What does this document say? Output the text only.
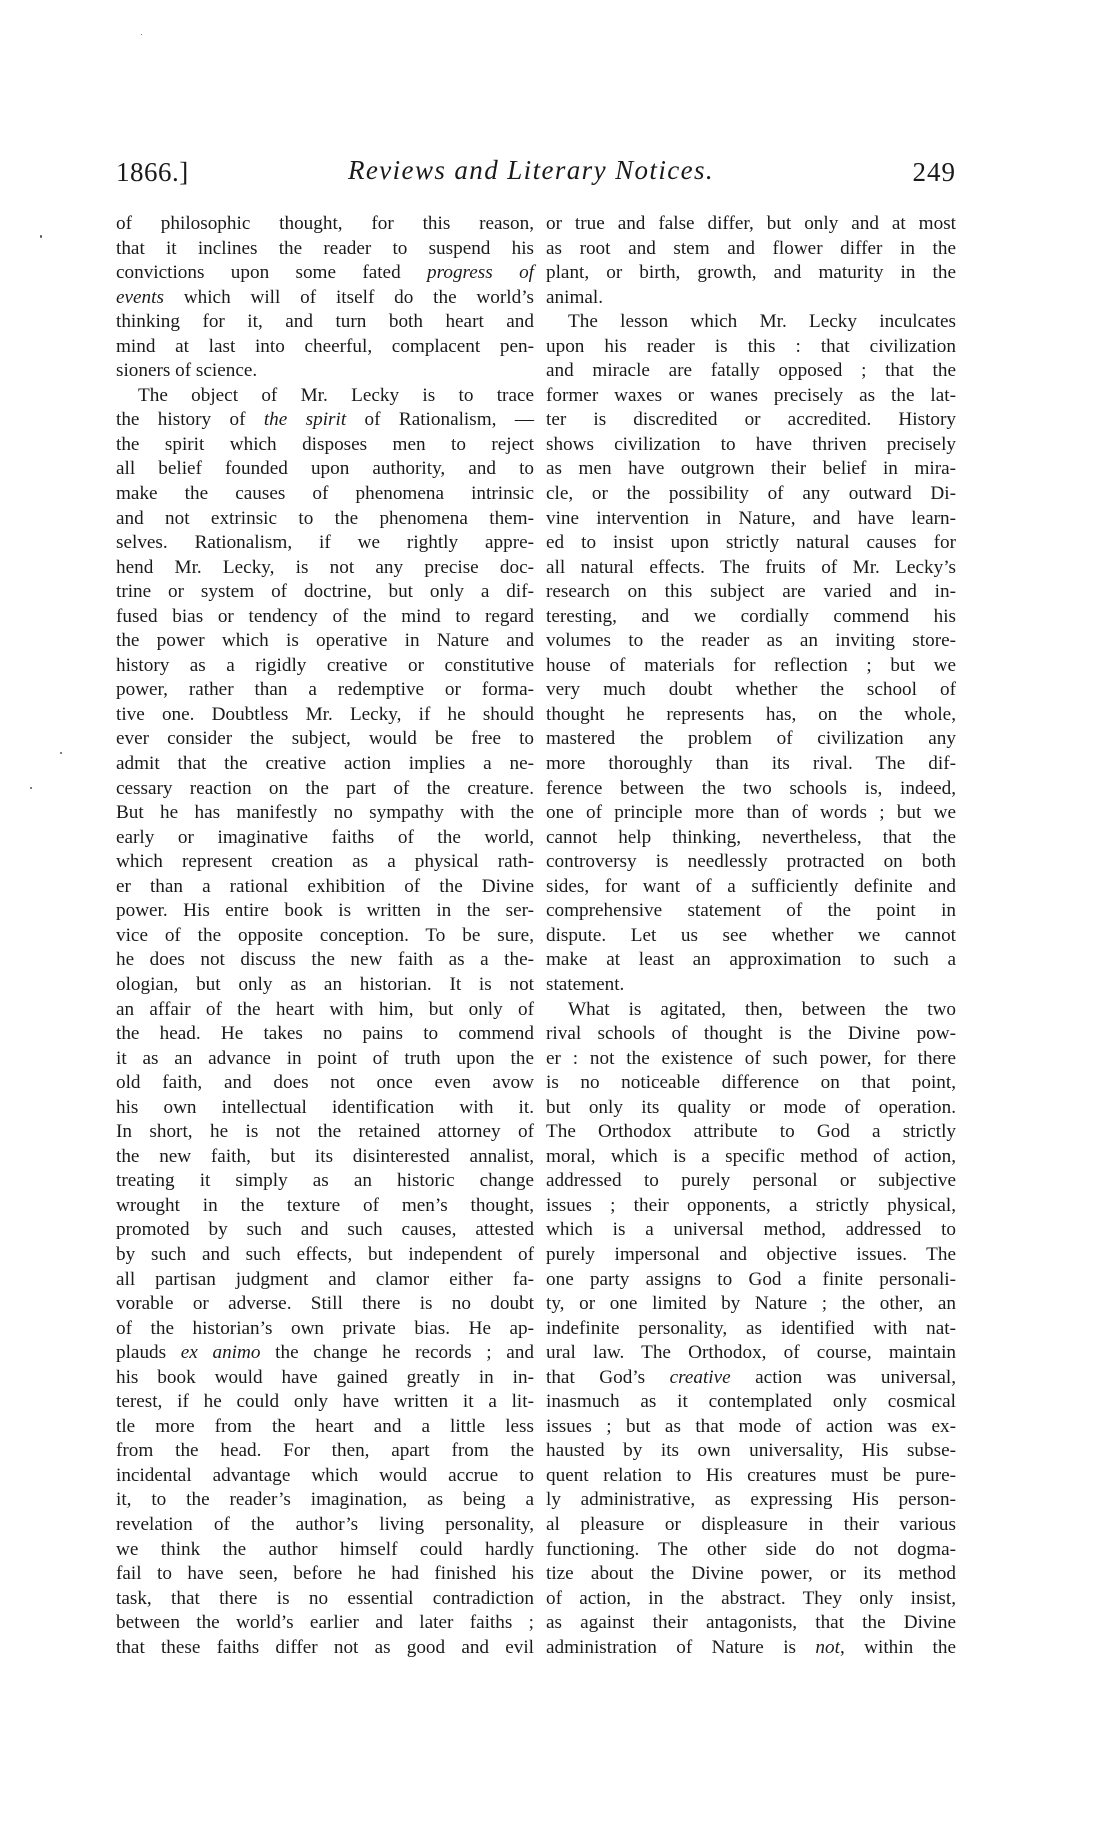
1866.]	Reviews and Literary Notices.	249
of philosophic thought, for this reason,
that it inclines the reader to suspend his
convictions upon some fated progress of
events which will of itself do the world’s
thinking for it, and turn both heart and
mind at last into cheerful, complacent pen-
sioners of science.
The object of Mr. Lecky is to trace
the history of the spirit of Rationalism, —
the spirit which disposes men to reject
all belief founded upon authority, and to
make the causes of phenomena intrinsic
and not extrinsic to the phenomena them-
selves. Rationalism, if we rightly appre-
hend Mr. Lecky, is not any precise doc-
trine or system of doctrine, but only a dif-
fused bias or tendency of the mind to regard
the power which is operative in Nature and
history as a rigidly creative or constitutive
power, rather than a redemptive or forma-
tive one. Doubtless Mr. Lecky, if he should
ever consider the subject, would be free to
admit that the creative action implies a ne-
cessary reaction on the part of the creature.
But he has manifestly no sympathy with the
early or imaginative faiths of the world,
which represent creation as a physical rath-
er than a rational exhibition of the Divine
power. His entire book is written in the ser-
vice of the opposite conception. To be sure,
he does not discuss the new faith as a the-
ologian, but only as an historian. It is not
an affair of the heart with him, but only of
the head. He takes no pains to commend
it as an advance in point of truth upon the
old faith, and does not once even avow
his own intellectual identification with it.
In short, he is not the retained attorney of
the new faith, but its disinterested annalist,
treating it simply as an historic change
wrought in the texture of men’s thought,
promoted by such and such causes, attested
by such and such effects, but independent of
all partisan judgment and clamor either fa-
vorable or adverse. Still there is no doubt
of the historian’s own private bias. He ap-
plauds ex animo the change he records ; and
his book would have gained greatly in in-
terest, if he could only have written it a lit-
tle more from the heart and a little less
from the head. For then, apart from the
incidental advantage which would accrue to
it, to the reader’s imagination, as being a
revelation of the author’s living personality,
we think the author himself could hardly
fail to have seen, before he had finished his
task, that there is no essential contradiction
between the world’s earlier and later faiths ;
that these faiths differ not as good and evil
or true and false differ, but only and at most
as root and stem and flower differ in the
plant, or birth, growth, and maturity in the
animal.
The lesson which Mr. Lecky inculcates
upon his reader is this : that civilization
and miracle are fatally opposed ; that the
former waxes or wanes precisely as the lat-
ter is discredited or accredited. History
shows civilization to have thriven precisely
as men have outgrown their belief in mira-
cle, or the possibility of any outward Di-
vine intervention in Nature, and have learn-
ed to insist upon strictly natural causes for
all natural effects. The fruits of Mr. Lecky’s
research on this subject are varied and in-
teresting, and we cordially commend his
volumes to the reader as an inviting store-
house of materials for reflection ; but we
very much doubt whether the school of
thought he represents has, on the whole,
mastered the problem of civilization any
more thoroughly than its rival. The dif-
ference between the two schools is, indeed,
one of principle more than of words ; but we
cannot help thinking, nevertheless, that the
controversy is needlessly protracted on both
sides, for want of a sufficiently definite and
comprehensive statement of the point in
dispute. Let us see whether we cannot
make at least an approximation to such a
statement.
What is agitated, then, between the two
rival schools of thought is the Divine pow-
er : not the existence of such power, for there
is no noticeable difference on that point,
but only its quality or mode of operation.
The Orthodox attribute to God a strictly
moral, which is a specific method of action,
addressed to purely personal or subjective
issues ; their opponents, a strictly physical,
which is a universal method, addressed to
purely impersonal and objective issues. The
one party assigns to God a finite personali-
ty, or one limited by Nature ; the other, an
indefinite personality, as identified with nat-
ural law. The Orthodox, of course, maintain
that God’s creative action was universal,
inasmuch as it contemplated only cosmical
issues ; but as that mode of action was ex-
hausted by its own universality, His subse-
quent relation to His creatures must be pure-
ly administrative, as expressing His person-
al pleasure or displeasure in their various
functioning. The other side do not dogma-
tize about the Divine power, or its method
of action, in the abstract. They only insist,
as against their antagonists, that the Divine
administration of Nature is not, within the
